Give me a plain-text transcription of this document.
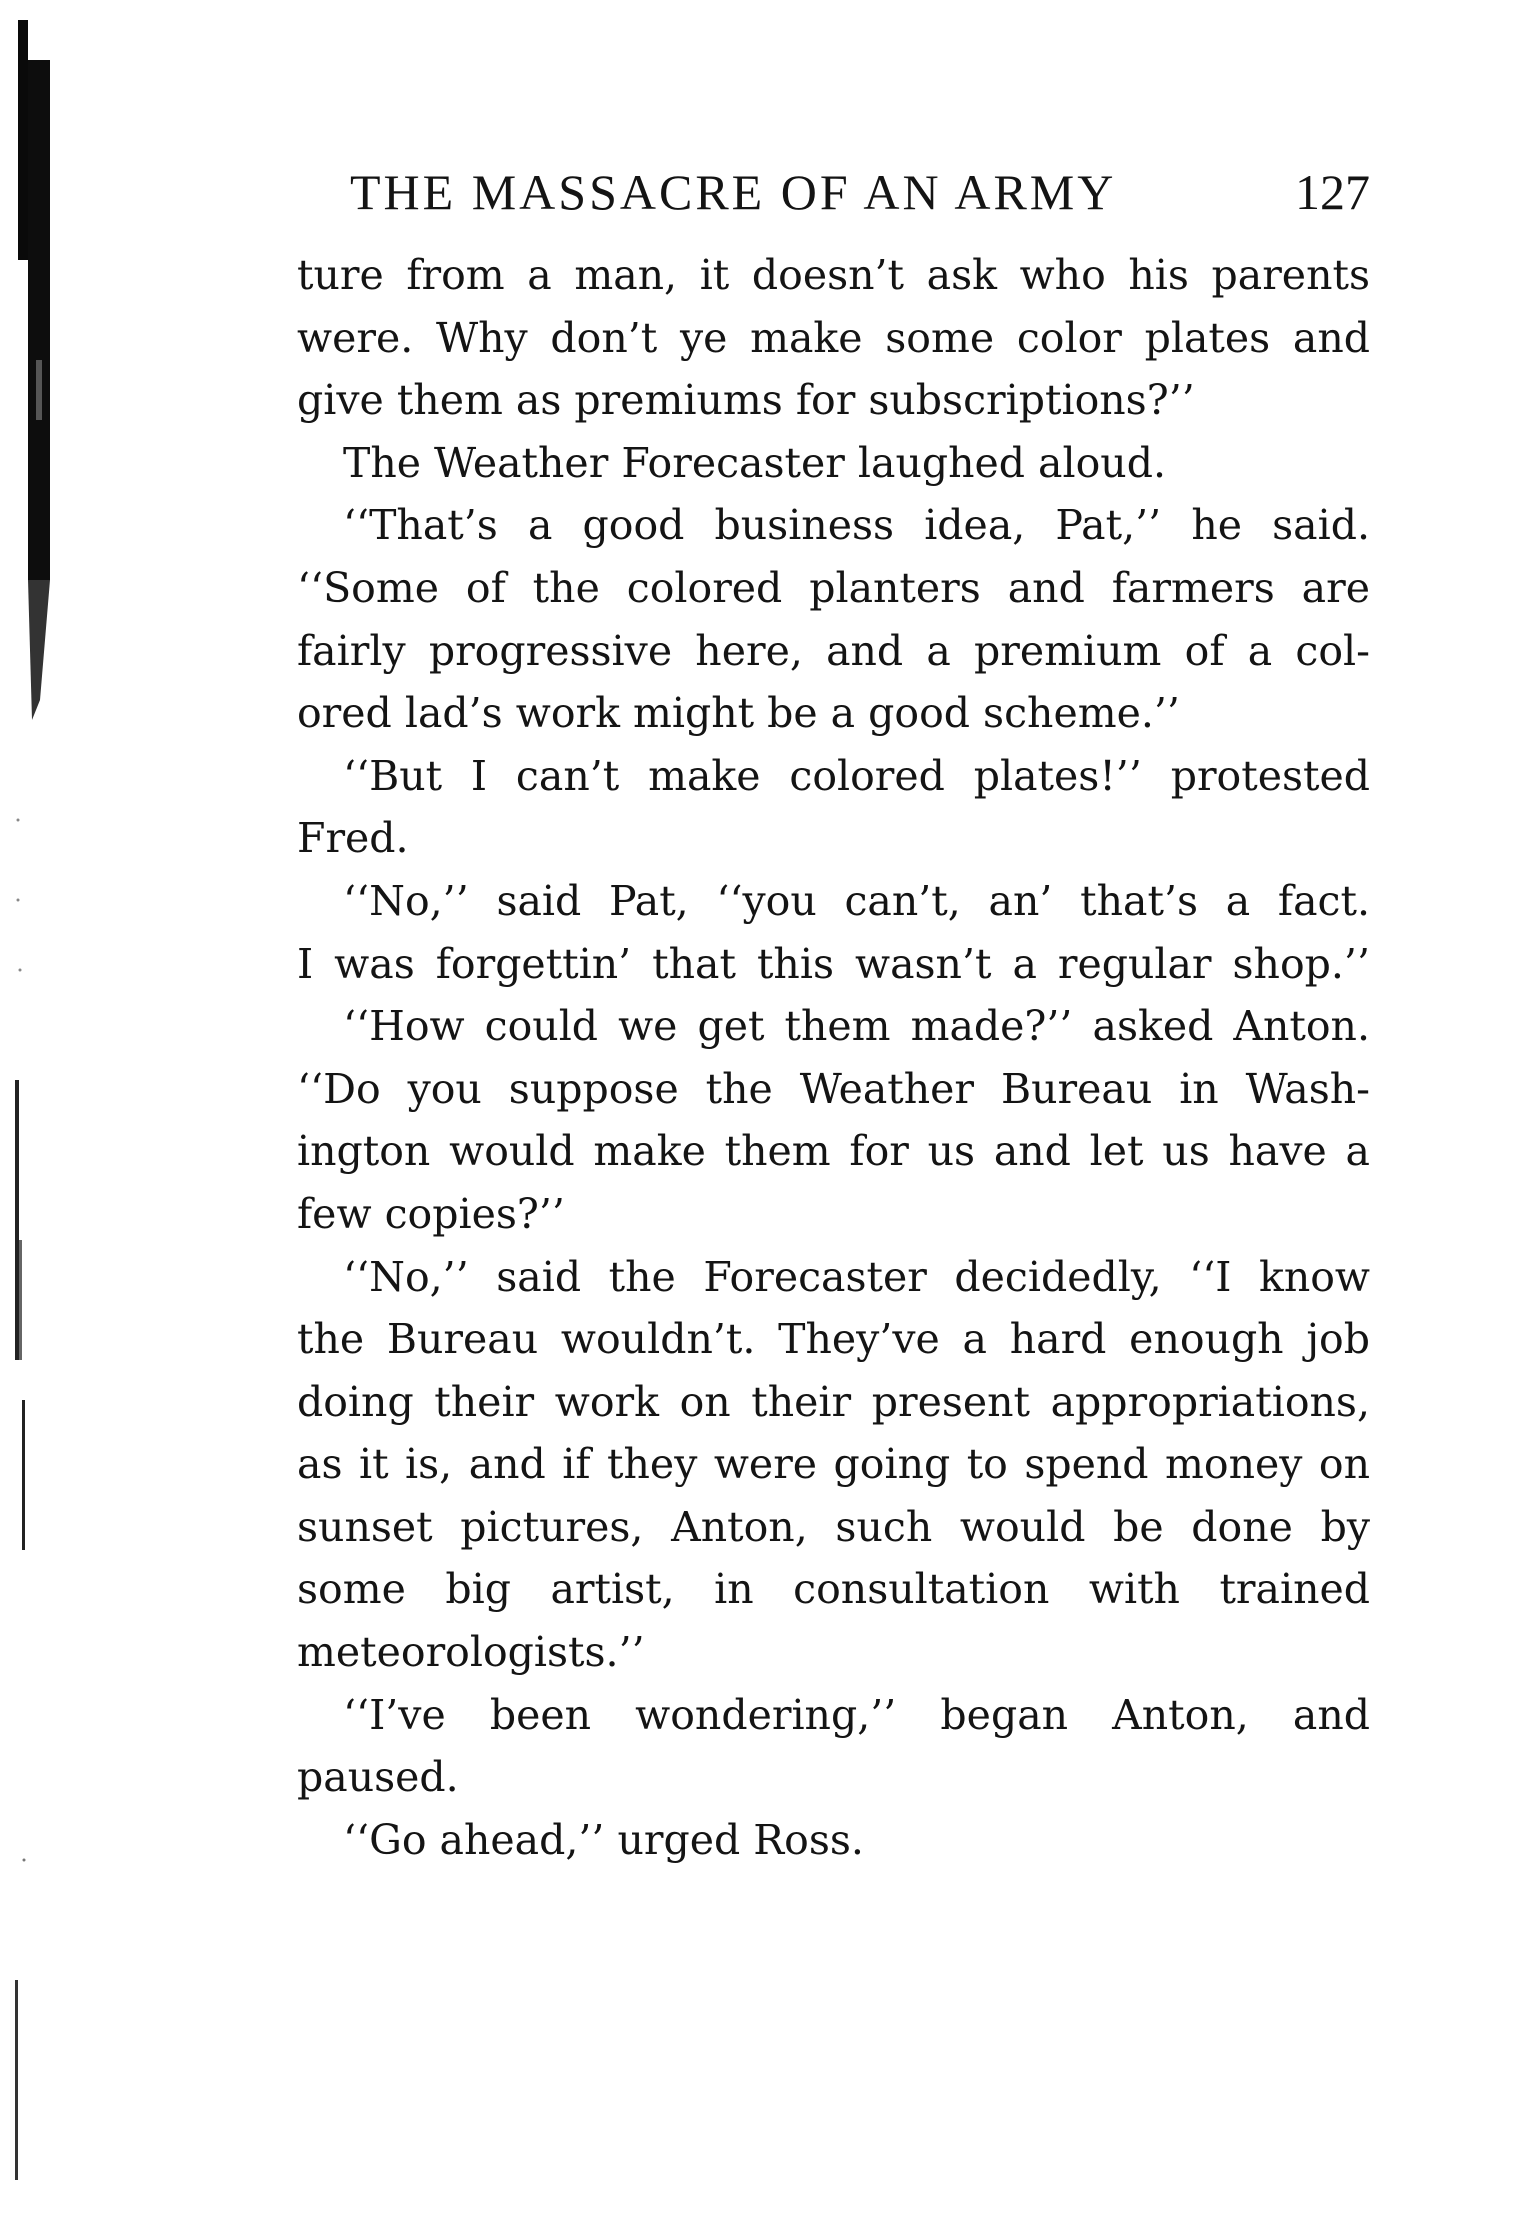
THE MASSACRE OF AN ARMY	127
ture from a man, it doesn’t ask who his parents
were. Why don’t ye make some color plates and
give them as premiums for subscriptions?’’
The Weather Forecaster laughed aloud.
‘‘That’s a good business idea, Pat,’’ he said.
‘‘Some of the colored planters and farmers are
fairly progressive here, and a premium of a col-
ored lad’s work might be a good scheme.’’
‘‘But I can’t make colored plates!’’ protested
Fred.
‘‘No,’’ said Pat, ‘‘you can’t, an’ that’s a fact.
I was forgettin’ that this wasn’t a regular shop.’’
‘‘How could we get them made?’’ asked Anton.
‘‘Do you suppose the Weather Bureau in Wash-
ington would make them for us and let us have a
few copies?’’
‘‘No,’’ said the Forecaster decidedly, ‘‘I know
the Bureau wouldn’t. They’ve a hard enough job
doing their work on their present appropriations,
as it is, and if they were going to spend money on
sunset pictures, Anton, such would be done by
some big artist, in consultation with trained
meteorologists.’’
‘‘I’ve been wondering,’’ began Anton, and
paused.
‘‘Go ahead,’’ urged Ross.
